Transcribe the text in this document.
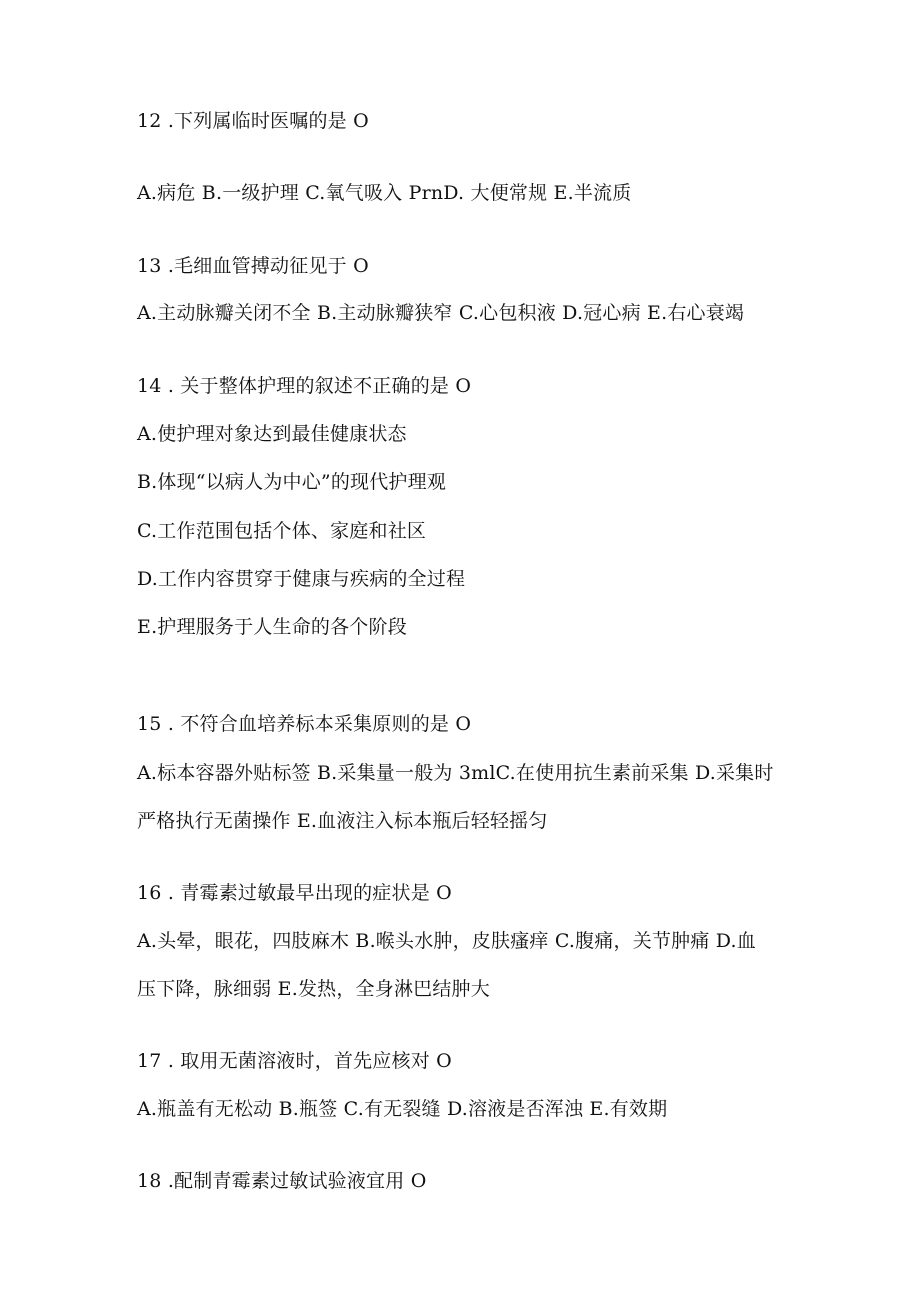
12 .下列属临时医嘱的是 O
A.病危 B.一级护理 C.氧气吸入 PrnD. 大便常规 E.半流质
13 .毛细血管搏动征见于 O
A.主动脉瓣关闭不全 B.主动脉瓣狭窄 C.心包积液 D.冠心病 E.右心衰竭
14 . 关于整体护理的叙述不正确的是 O
A.使护理对象达到最佳健康状态
B.体现“以病人为中心”的现代护理观
C.工作范围包括个体、家庭和社区
D.工作内容贯穿于健康与疾病的全过程
E.护理服务于人生命的各个阶段
15 . 不符合血培养标本采集原则的是 O
A.标本容器外贴标签 B.采集量一般为 3mlC.在使用抗生素前采集 D.采集时
严格执行无菌操作 E.血液注入标本瓶后轻轻摇匀
16 . 青霉素过敏最早出现的症状是 O
A.头晕，眼花，四肢麻木 B.喉头水肿，皮肤瘙痒 C.腹痛，关节肿痛 D.血
压下降，脉细弱 E.发热，全身淋巴结肿大
17 . 取用无菌溶液时，首先应核对 O
A.瓶盖有无松动 B.瓶签 C.有无裂缝 D.溶液是否浑浊 E.有效期
18 .配制青霉素过敏试验液宜用 O
